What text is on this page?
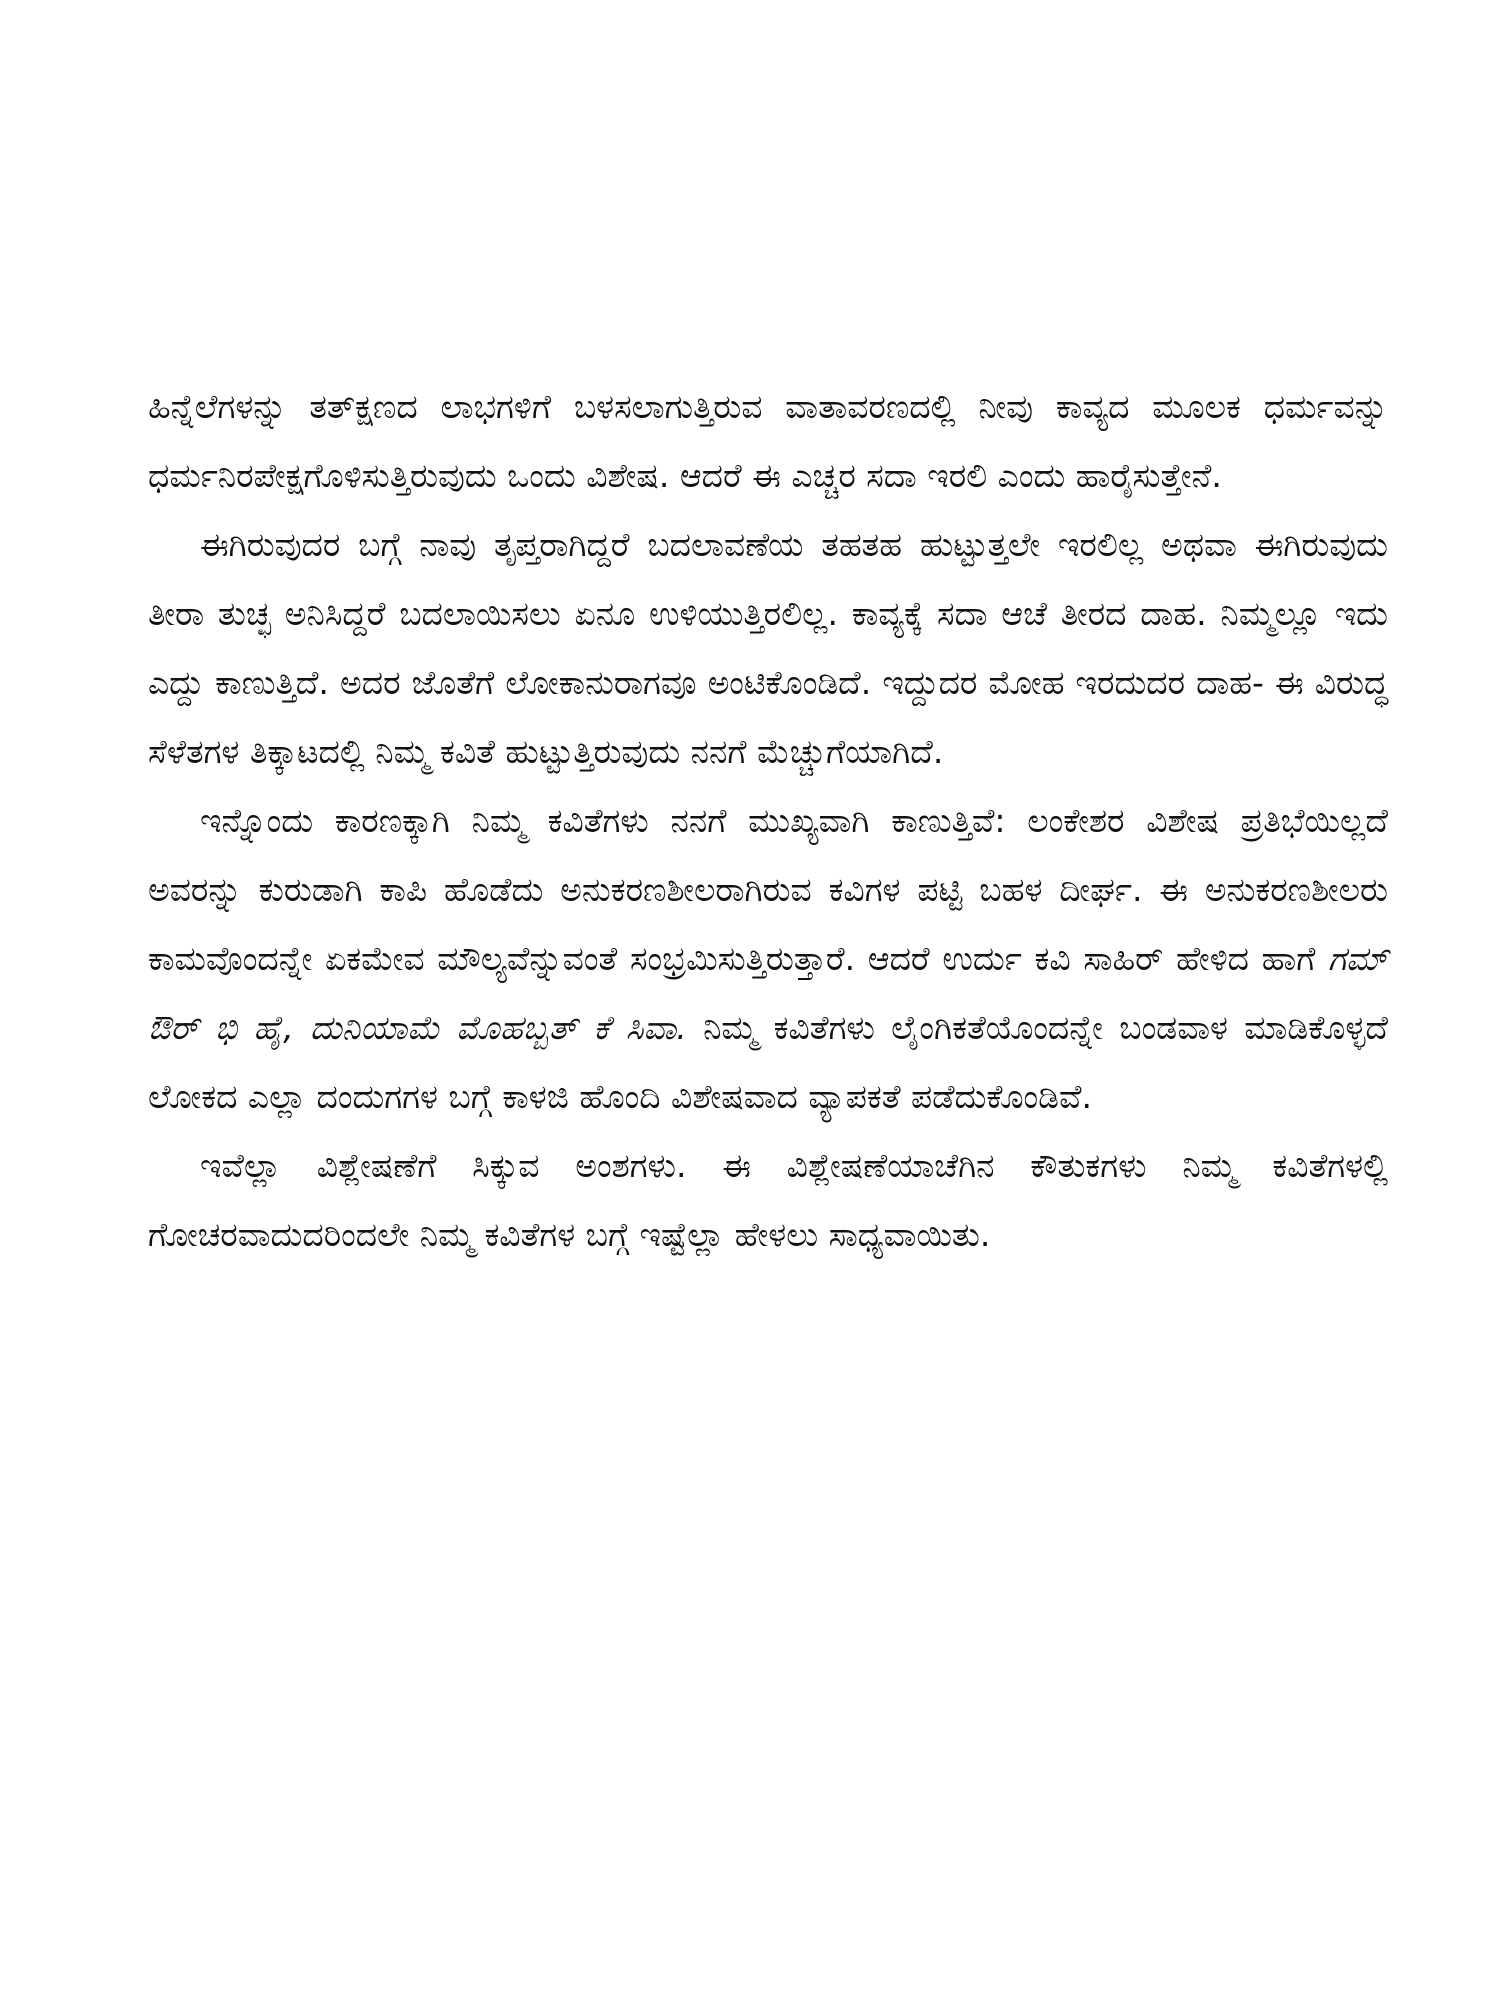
ಹಿನ್ನೆಲೆಗಳನ್ನು ತತ್‌ಕ್ಷಣದ ಲಾಭಗಳಿಗೆ ಬಳಸಲಾಗುತ್ತಿರುವ ವಾತಾವರಣದಲ್ಲಿ ನೀವು ಕಾವ್ಯದ ಮೂಲಕ ಧರ್ಮವನ್ನು ಧರ್ಮನಿರಪೇಕ್ಷಗೊಳಿಸುತ್ತಿರುವುದು ಒಂದು ವಿಶೇಷ. ಆದರೆ ಈ ಎಚ್ಚರ ಸದಾ ಇರಲಿ ಎಂದು ಹಾರೈಸುತ್ತೇನೆ.

ಈಗಿರುವುದರ ಬಗ್ಗೆ ನಾವು ತೃಪ್ತರಾಗಿದ್ದರೆ ಬದಲಾವಣೆಯ ತಹತಹ ಹುಟ್ಟುತ್ತಲೇ ಇರಲಿಲ್ಲ ಅಥವಾ ಈಗಿರುವುದು ತೀರಾ ತುಚ್ಛ ಅನಿಸಿದ್ದರೆ ಬದಲಾಯಿಸಲು ಏನೂ ಉಳಿಯುತ್ತಿರಲಿಲ್ಲ. ಕಾವ್ಯಕ್ಕೆ ಸದಾ ಆಚೆ ತೀರದ ದಾಹ. ನಿಮ್ಮಲ್ಲೂ ಇದು ಎದ್ದು ಕಾಣುತ್ತಿದೆ. ಅದರ ಜೊತೆಗೆ ಲೋಕಾನುರಾಗವೂ ಅಂಟಿಕೊಂಡಿದೆ. ಇದ್ದುದರ ಮೋಹ ಇರದುದರ ದಾಹ- ಈ ವಿರುದ್ಧ ಸೆಳೆತಗಳ ತಿಕ್ಕಾಟದಲ್ಲಿ ನಿಮ್ಮ ಕವಿತೆ ಹುಟ್ಟುತ್ತಿರುವುದು ನನಗೆ ಮೆಚ್ಚುಗೆಯಾಗಿದೆ.

ಇನ್ನೊಂದು ಕಾರಣಕ್ಕಾಗಿ ನಿಮ್ಮ ಕವಿತೆಗಳು ನನಗೆ ಮುಖ್ಯವಾಗಿ ಕಾಣುತ್ತಿವೆ: ಲಂಕೇಶರ ವಿಶೇಷ ಪ್ರತಿಭೆಯಿಲ್ಲದೆ ಅವರನ್ನು ಕುರುಡಾಗಿ ಕಾಪಿ ಹೊಡೆದು ಅನುಕರಣಶೀಲರಾಗಿರುವ ಕವಿಗಳ ಪಟ್ಟಿ ಬಹಳ ದೀರ್ಘ. ಈ ಅನುಕರಣಶೀಲರು ಕಾಮವೊಂದನ್ನೇ ಏಕಮೇವ ಮೌಲ್ಯವೆನ್ನುವಂತೆ ಸಂಭ್ರಮಿಸುತ್ತಿರುತ್ತಾರೆ. ಆದರೆ ಉರ್ದು ಕವಿ ಸಾಹಿರ್ ಹೇಳಿದ ಹಾಗೆ ಗಮ್ ಔರ್ ಭಿ ಹೈ, ದುನಿಯಾಮೆ ಮೊಹಬ್ಬತ್ ಕೆ ಸಿವಾ. ನಿಮ್ಮ ಕವಿತೆಗಳು ಲೈಂಗಿಕತೆಯೊಂದನ್ನೇ ಬಂಡವಾಳ ಮಾಡಿಕೊಳ್ಳದೆ ಲೋಕದ ಎಲ್ಲಾ ದಂದುಗಗಳ ಬಗ್ಗೆ ಕಾಳಜಿ ಹೊಂದಿ ವಿಶೇಷವಾದ ವ್ಯಾಪಕತೆ ಪಡೆದುಕೊಂಡಿವೆ.

ಇವೆಲ್ಲಾ ವಿಶ್ಲೇಷಣೆಗೆ ಸಿಕ್ಕುವ ಅಂಶಗಳು. ಈ ವಿಶ್ಲೇಷಣೆಯಾಚೆಗಿನ ಕೌತುಕಗಳು ನಿಮ್ಮ ಕವಿತೆಗಳಲ್ಲಿ ಗೋಚರವಾದುದರಿಂದಲೇ ನಿಮ್ಮ ಕವಿತೆಗಳ ಬಗ್ಗೆ ಇಷ್ಟೆಲ್ಲಾ ಹೇಳಲು ಸಾಧ್ಯವಾಯಿತು.
